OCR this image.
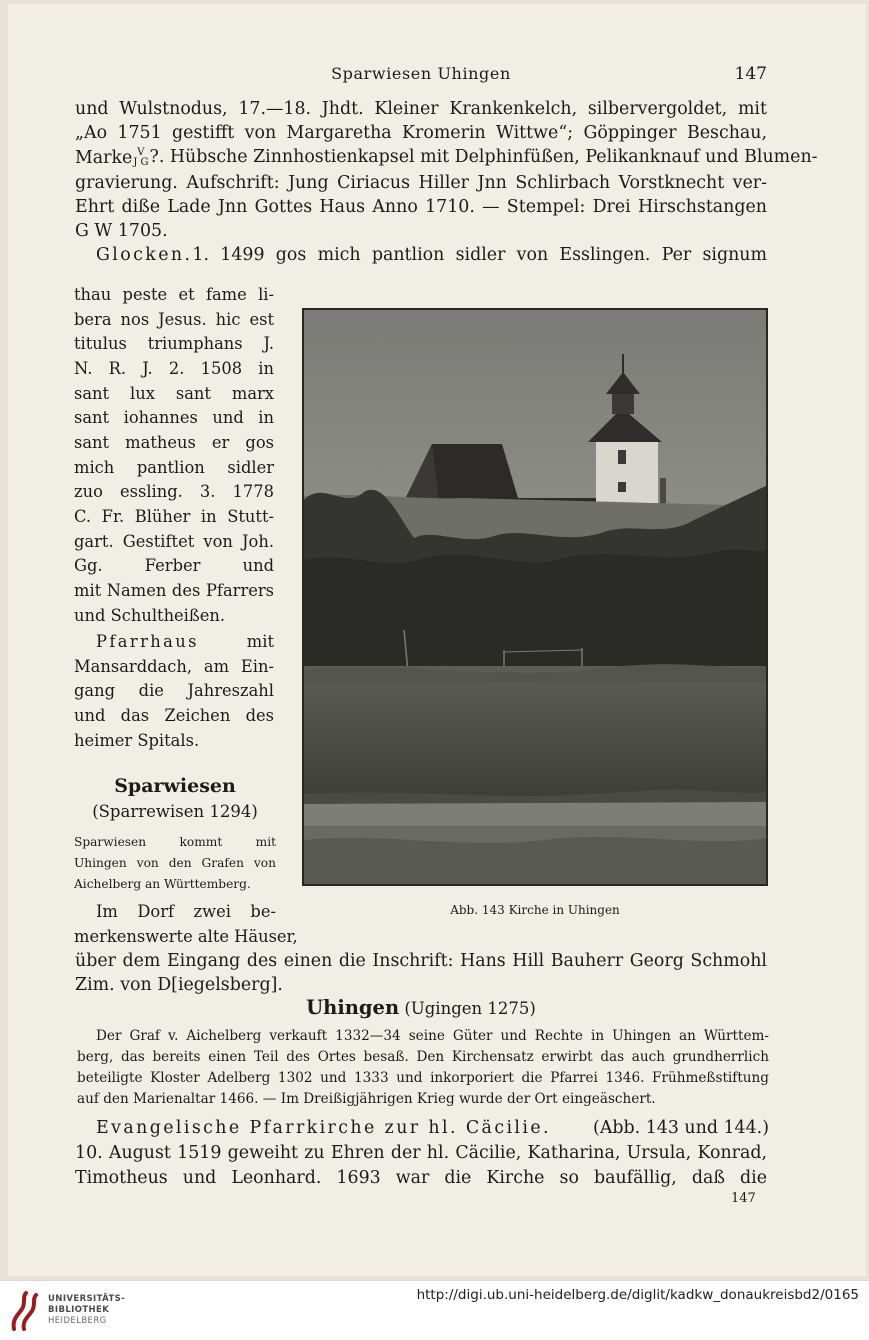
Sparwiesen Uhingen	147
und Wulstnodus, 17.—18. Jhdt. Kleiner Krankenkelch, silbervergoldet, mit
„Ao 1751 gestifft von Margaretha Kromerin Wittwe“; Göppinger Beschau,
Marke V
J G ?. Hübsche Zinnhostienkapsel mit Delphinfüßen, Pelikanknauf und Blumen-
gravierung. Aufschrift: Jung Ciriacus Hiller Jnn Schlirbach Vorstknecht ver-
Ehrt diße Lade Jnn Gottes Haus Anno 1710. — Stempel: Drei Hirschstangen
G W 1705.
Glocken. 1. 1499 gos mich pantlion sidler von Esslingen. Per signum
thau peste et fame li-
bera nos Jesus. hic est
titulus triumphans J.
N. R. J. 2. 1508 in
sant lux sant marx
sant iohannes und in
sant matheus er gos
mich pantlion sidler
zuo essling. 3. 1778
C. Fr. Blüher in Stutt-
gart. Gestiftet von Joh.
Gg. Ferber und
mit Namen des Pfarrers
und Schultheißen.
Pfarrhaus	mit
Mansarddach, am Ein-
gang die Jahreszahl
und das Zeichen des
heimer Spitals.
Sparwiesen
(Sparrewisen 1294)
Sparwiesen kommt mit
Uhingen von den Grafen von
Aichelberg an Württemberg.
Im Dorf zwei be-
merkenswerte alte Häuser,
Abb. 143 Kirche in Uhingen
über dem Eingang des einen die Inschrift: Hans Hill Bauherr Georg Schmohl
Zim. von D[iegelsberg].
Uhingen (Ugingen 1275)
Der Graf v. Aichelberg verkauft 1332—34 seine Güter und Rechte in Uhingen an Württem-
berg, das bereits einen Teil des Ortes besaß. Den Kirchensatz erwirbt das auch grundherrlich
beteiligte Kloster Adelberg 1302 und 1333 und inkorporiert die Pfarrei 1346. Frühmeßstiftung
auf den Marienaltar 1466. — Im Dreißigjährigen Krieg wurde der Ort eingeäschert.
Evangelische Pfarrkirche zur hl. Cäcilie.	(Abb. 143 und 144.)
10. August 1519 geweiht zu Ehren der hl. Cäcilie, Katharina, Ursula, Konrad,
Timotheus und Leonhard. 1693 war die Kirche so baufällig, daß die
147
UNIVERSITÄTS-
BIBLIOTHEK
HEIDELBERG
http://digi.ub.uni-heidelberg.de/diglit/kadkw_donaukreisbd2/0165
